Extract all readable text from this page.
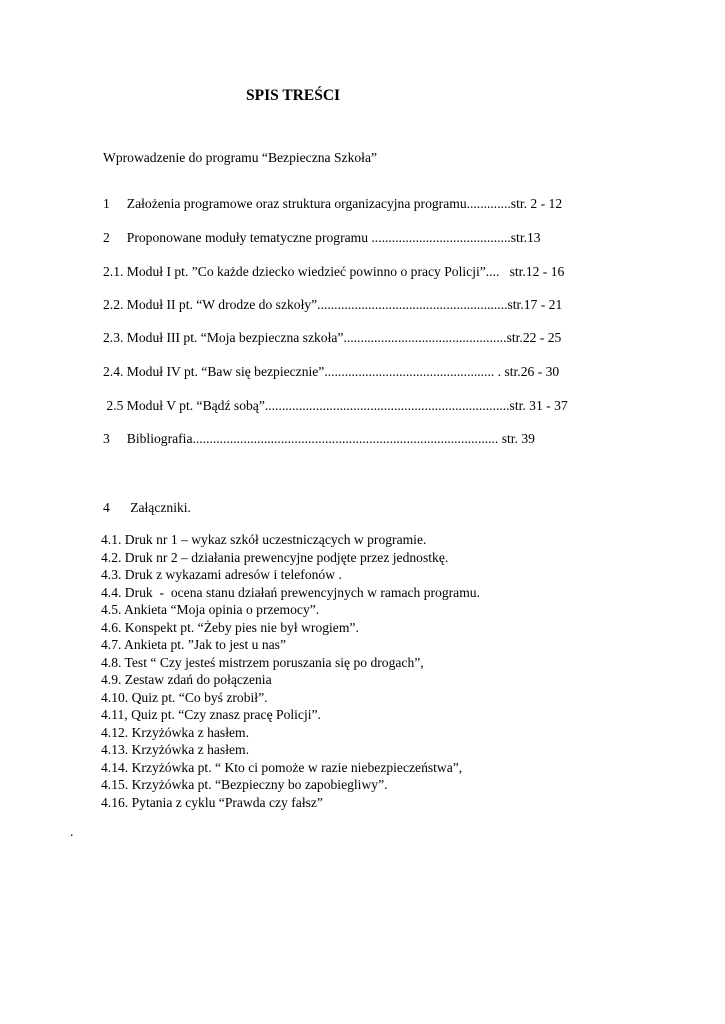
SPIS TREŚCI
Wprowadzenie do programu “Bezpieczna Szkoła”
1     Założenia programowe oraz struktura organizacyjna programu.............str. 2 - 12
2     Proponowane moduły tematyczne programu .........................................str.13
2.1. Moduł I pt. ”Co każde dziecko wiedzieć powinno o pracy Policji”....   str.12 - 16
2.2. Moduł II pt. “W drodze do szkoły”........................................................str.17 - 21
2.3. Moduł III pt. “Moja bezpieczna szkoła”................................................str.22 - 25
2.4. Moduł IV pt. “Baw się bezpiecznie”.................................................. . str.26 - 30
2.5 Moduł V pt. “Bądź sobą”........................................................................str. 31 - 37
3     Bibliografia.......................................................................................... str. 39
4      Załączniki.
4.1. Druk nr 1 – wykaz szkół uczestniczących w programie.
4.2. Druk nr 2 – działania prewencyjne podjęte przez jednostkę.
4.3. Druk z wykazami adresów i telefonów .
4.4. Druk  -  ocena stanu działań prewencyjnych w ramach programu.
4.5. Ankieta “Moja opinia o przemocy”.
4.6. Konspekt pt. “Żeby pies nie był wrogiem”.
4.7. Ankieta pt. ”Jak to jest u nas”
4.8. Test “ Czy jesteś mistrzem poruszania się po drogach”,
4.9. Zestaw zdań do połączenia
4.10. Quiz pt. “Co byś zrobił”.
4.11, Quiz pt. “Czy znasz pracę Policji”.
4.12. Krzyżówka z hasłem.
4.13. Krzyżówka z hasłem.
4.14. Krzyżówka pt. “ Kto ci pomoże w razie niebezpieczeństwa”,
4.15. Krzyżówka pt. “Bezpieczny bo zapobiegliwy”.
4.16. Pytania z cyklu “Prawda czy fałsz”
.
